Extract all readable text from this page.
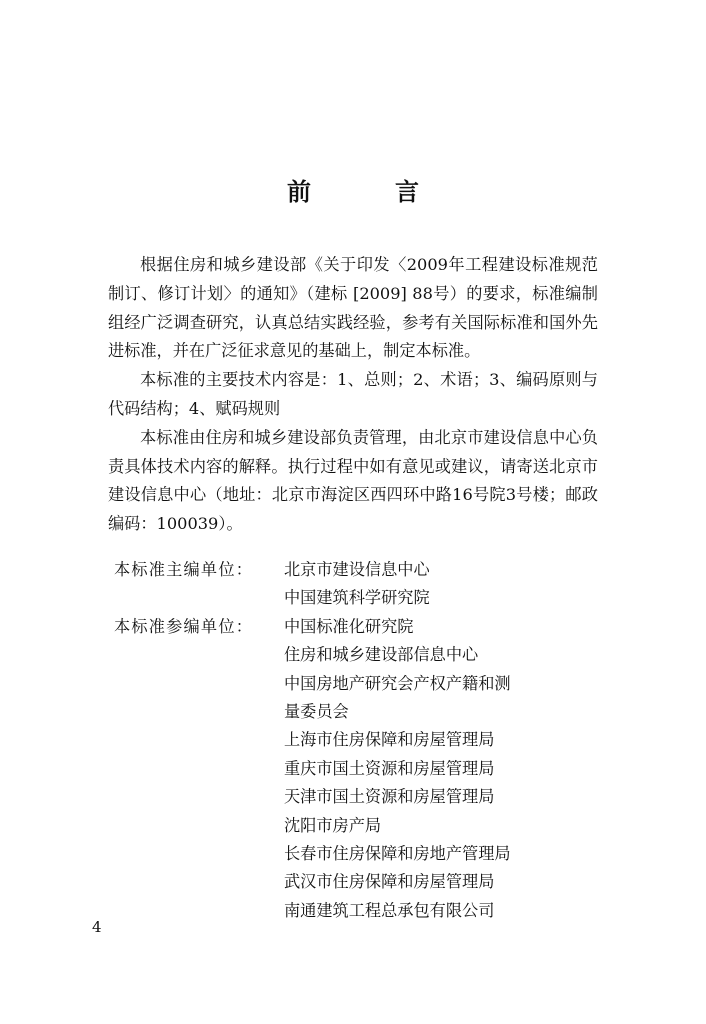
前　言

根据住房和城乡建设部《关于印发〈2009年工程建设标准规范制订、修订计划〉的通知》（建标 [2009] 88号）的要求，标准编制组经广泛调查研究，认真总结实践经验，参考有关国际标准和国外先进标准，并在广泛征求意见的基础上，制定本标准。

本标准的主要技术内容是：1、总则；2、术语；3、编码原则与代码结构；4、赋码规则

本标准由住房和城乡建设部负责管理，由北京市建设信息中心负责具体技术内容的解释。执行过程中如有意见或建议，请寄送北京市建设信息中心（地址：北京市海淀区西四环中路16号院3号楼；邮政编码：100039）。

本标准主编单位：	北京市建设信息中心
中国建筑科学研究院
本标准参编单位：	中国标准化研究院
住房和城乡建设部信息中心
中国房地产研究会产权产籍和测
量委员会
上海市住房保障和房屋管理局
重庆市国土资源和房屋管理局
天津市国土资源和房屋管理局
沈阳市房产局
长春市住房保障和房地产管理局
武汉市住房保障和房屋管理局
南通建筑工程总承包有限公司
4
